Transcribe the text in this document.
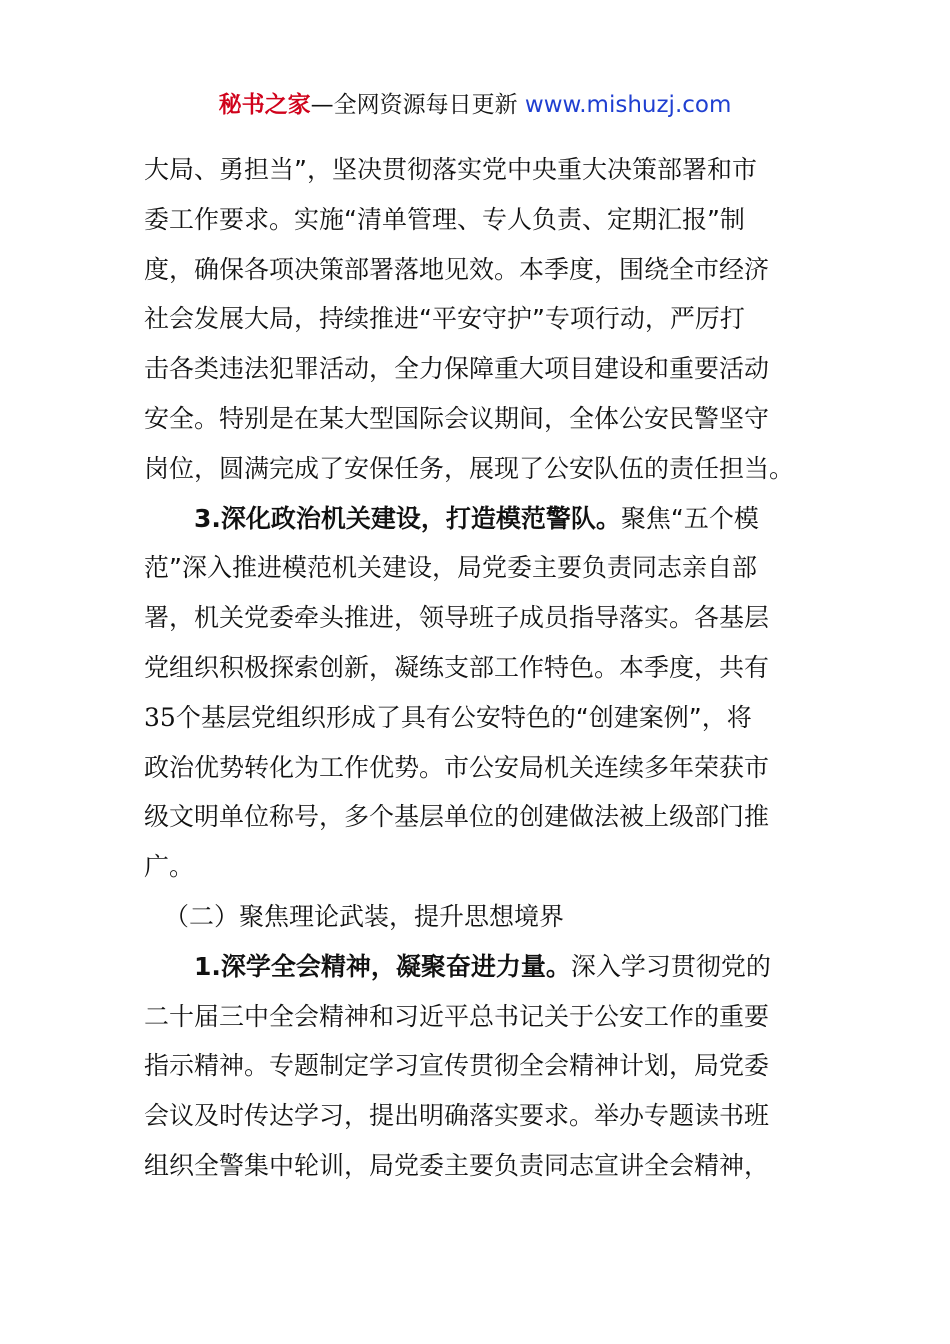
秘书之家—全网资源每日更新 www.mishuzj.com
大局、勇担当”，坚决贯彻落实党中央重大决策部署和市
委工作要求。实施“清单管理、专人负责、定期汇报”制
度，确保各项决策部署落地见效。本季度，围绕全市经济
社会发展大局，持续推进“平安守护”专项行动，严厉打
击各类违法犯罪活动，全力保障重大项目建设和重要活动
安全。特别是在某大型国际会议期间，全体公安民警坚守
岗位，圆满完成了安保任务，展现了公安队伍的责任担当。
3.深化政治机关建设，打造模范警队。聚焦“五个模
范”深入推进模范机关建设，局党委主要负责同志亲自部
署，机关党委牵头推进，领导班子成员指导落实。各基层
党组织积极探索创新，凝练支部工作特色。本季度，共有
35个基层党组织形成了具有公安特色的“创建案例”，将
政治优势转化为工作优势。市公安局机关连续多年荣获市
级文明单位称号，多个基层单位的创建做法被上级部门推
广。
（二）聚焦理论武装，提升思想境界
1.深学全会精神，凝聚奋进力量。深入学习贯彻党的
二十届三中全会精神和习近平总书记关于公安工作的重要
指示精神。专题制定学习宣传贯彻全会精神计划，局党委
会议及时传达学习，提出明确落实要求。举办专题读书班
组织全警集中轮训，局党委主要负责同志宣讲全会精神，
